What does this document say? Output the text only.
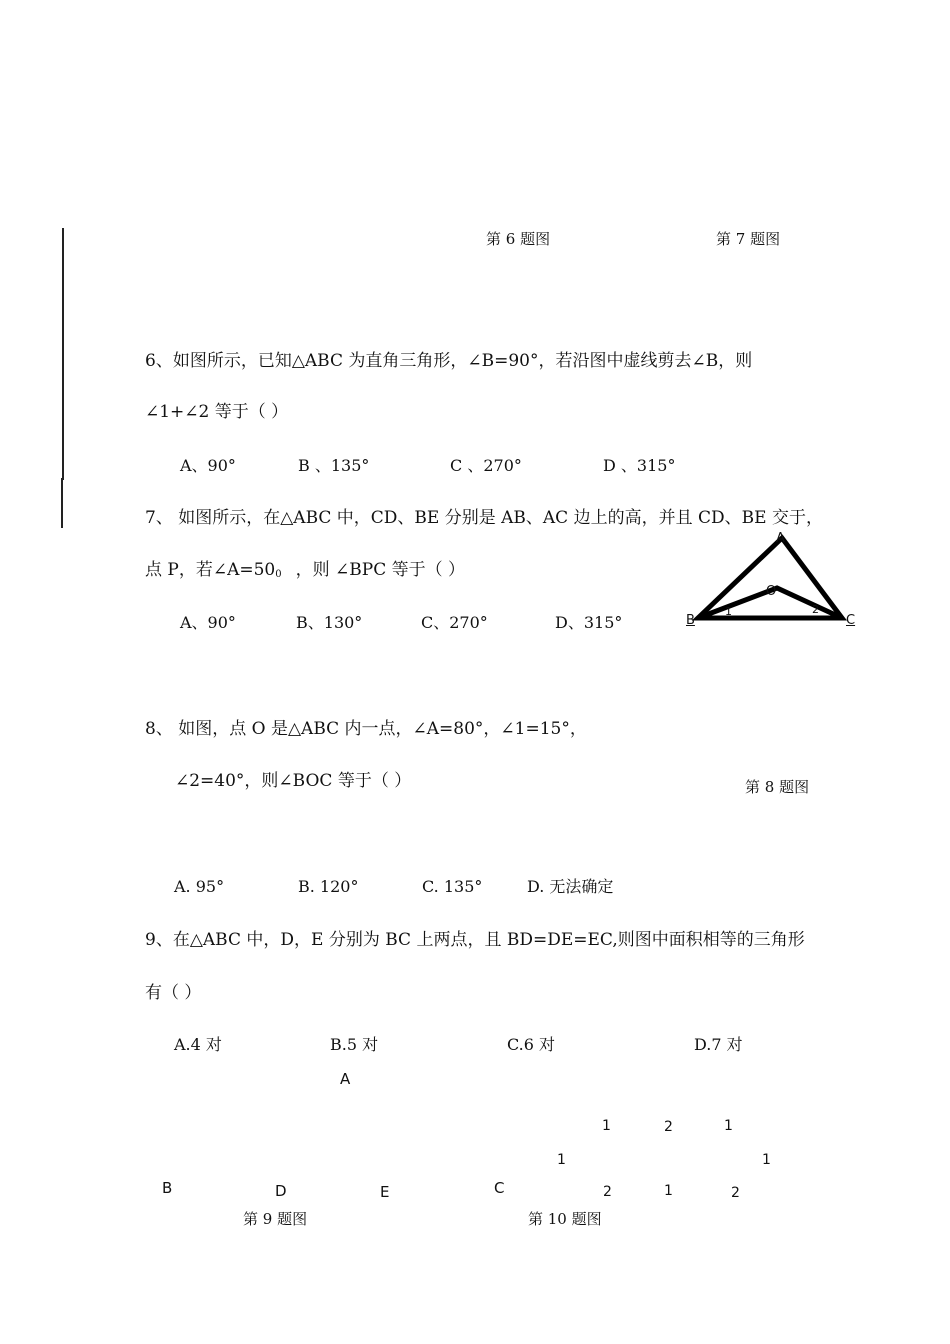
第 6 题图	第 7 题图
6、如图所示，已知△ABC 为直角三角形，∠B=90°，若沿图中虚线剪去∠B，则
∠1+∠2 等于（ ）
A、90°	B 、135°	C 、270°	D 、315°
7、 如图所示，在△ABC 中，CD、BE 分别是 AB、AC 边上的高，并且 CD、BE 交于，
点 P，若$\angle A=50_0$ ，则 ∠BPC 等于（ ）
A、90°	B、130°	C、270°	D、315°
A
O
B	C
1	2
8、 如图，点 O 是△ABC 内一点，∠A=80°，∠1=15°，
∠2=40°，则∠BOC 等于（ ）	第 8 题图
A. 95°	B. 120°	C. 135°	D. 无法确定
9、在△ABC 中，D，E 分别为 BC 上两点，且 BD=DE=EC,则图中面积相等的三角形
有（ ）
A.4 对	B.5 对	C.6 对	D.7 对
A
B	D	E	C
1	2	1
1	1
2	1	2
第 9 题图	第 10 题图
